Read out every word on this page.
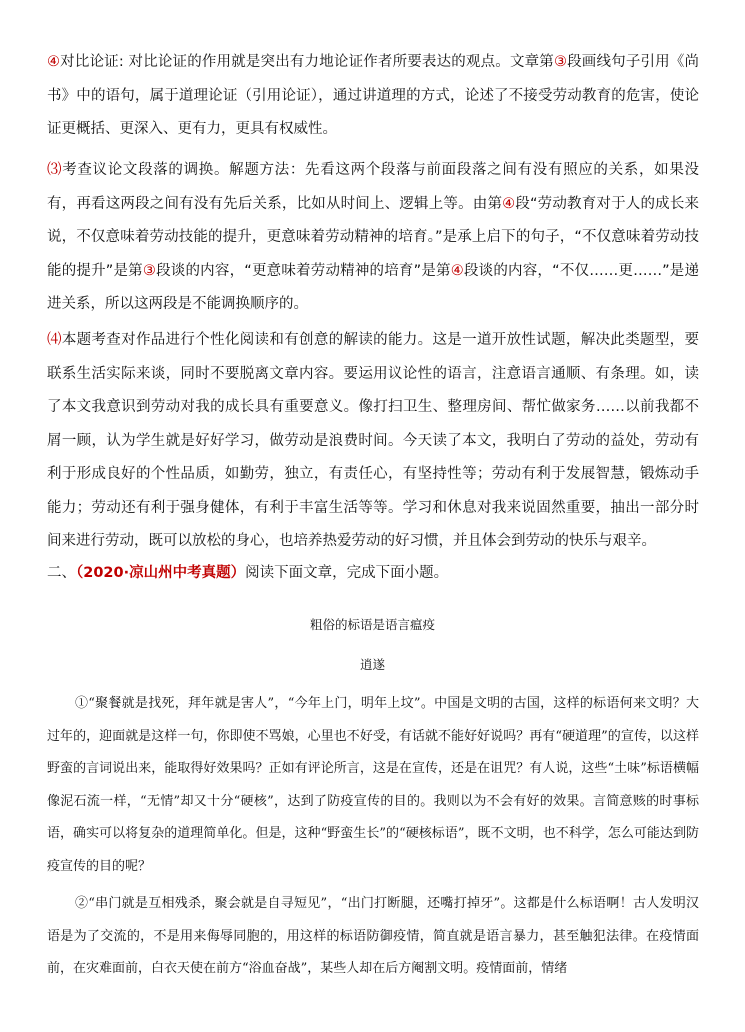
④对比论证: 对比论证的作用就是突出有力地论证作者所要表达的观点。文章第③段画线句子引用《尚书》中的语句，属于道理论证（引用论证），通过讲道理的方式，论述了不接受劳动教育的危害，使论证更概括、更深入、更有力，更具有权威性。

⑶考查议论文段落的调换。解题方法：先看这两个段落与前面段落之间有没有照应的关系，如果没有，再看这两段之间有没有先后关系，比如从时间上、逻辑上等。由第④段“劳动教育对于人的成长来说，不仅意味着劳动技能的提升，更意味着劳动精神的培育。”是承上启下的句子，“不仅意味着劳动技能的提升”是第③段谈的内容，“更意味着劳动精神的培育”是第④段谈的内容，“不仅……更……”是递进关系，所以这两段是不能调换顺序的。

⑷本题考查对作品进行个性化阅读和有创意的解读的能力。这是一道开放性试题，解决此类题型，要联系生活实际来谈，同时不要脱离文章内容。要运用议论性的语言，注意语言通顺、有条理。如，读了本文我意识到劳动对我的成长具有重要意义。像打扫卫生、整理房间、帮忙做家务……以前我都不屑一顾，认为学生就是好好学习，做劳动是浪费时间。今天读了本文，我明白了劳动的益处，劳动有利于形成良好的个性品质，如勤劳，独立，有责任心，有坚持性等；劳动有利于发展智慧，锻炼动手能力；劳动还有利于强身健体，有利于丰富生活等等。学习和休息对我来说固然重要，抽出一部分时间来进行劳动，既可以放松的身心，也培养热爱劳动的好习惯，并且体会到劳动的快乐与艰辛。

二、（2020·凉山州中考真题）阅读下面文章，完成下面小题。

粗俗的标语是语言瘟疫

逍遂

①“聚餐就是找死，拜年就是害人”，“今年上门，明年上坟”。中国是文明的古国，这样的标语何来文明？大过年的，迎面就是这样一句，你即使不骂娘，心里也不好受，有话就不能好好说吗？再有“硬道理”的宣传，以这样野蛮的言词说出来，能取得好效果吗？正如有评论所言，这是在宣传，还是在诅咒？有人说，这些“土味”标语横幅像泥石流一样，“无情”却又十分“硬核”，达到了防疫宣传的目的。我则以为不会有好的效果。言简意赅的时事标语，确实可以将复杂的道理简单化。但是，这种“野蛮生长”的“硬核标语”，既不文明，也不科学，怎么可能达到防疫宣传的目的呢？

②“串门就是互相残杀，聚会就是自寻短见”，“出门打断腿，还嘴打掉牙”。这都是什么标语啊！古人发明汉语是为了交流的，不是用来侮辱同胞的，用这样的标语防御疫情，简直就是语言暴力，甚至触犯法律。在疫情面前，在灾难面前，白衣天使在前方“浴血奋战”，某些人却在后方阉割文明。疫情面前，情绪
